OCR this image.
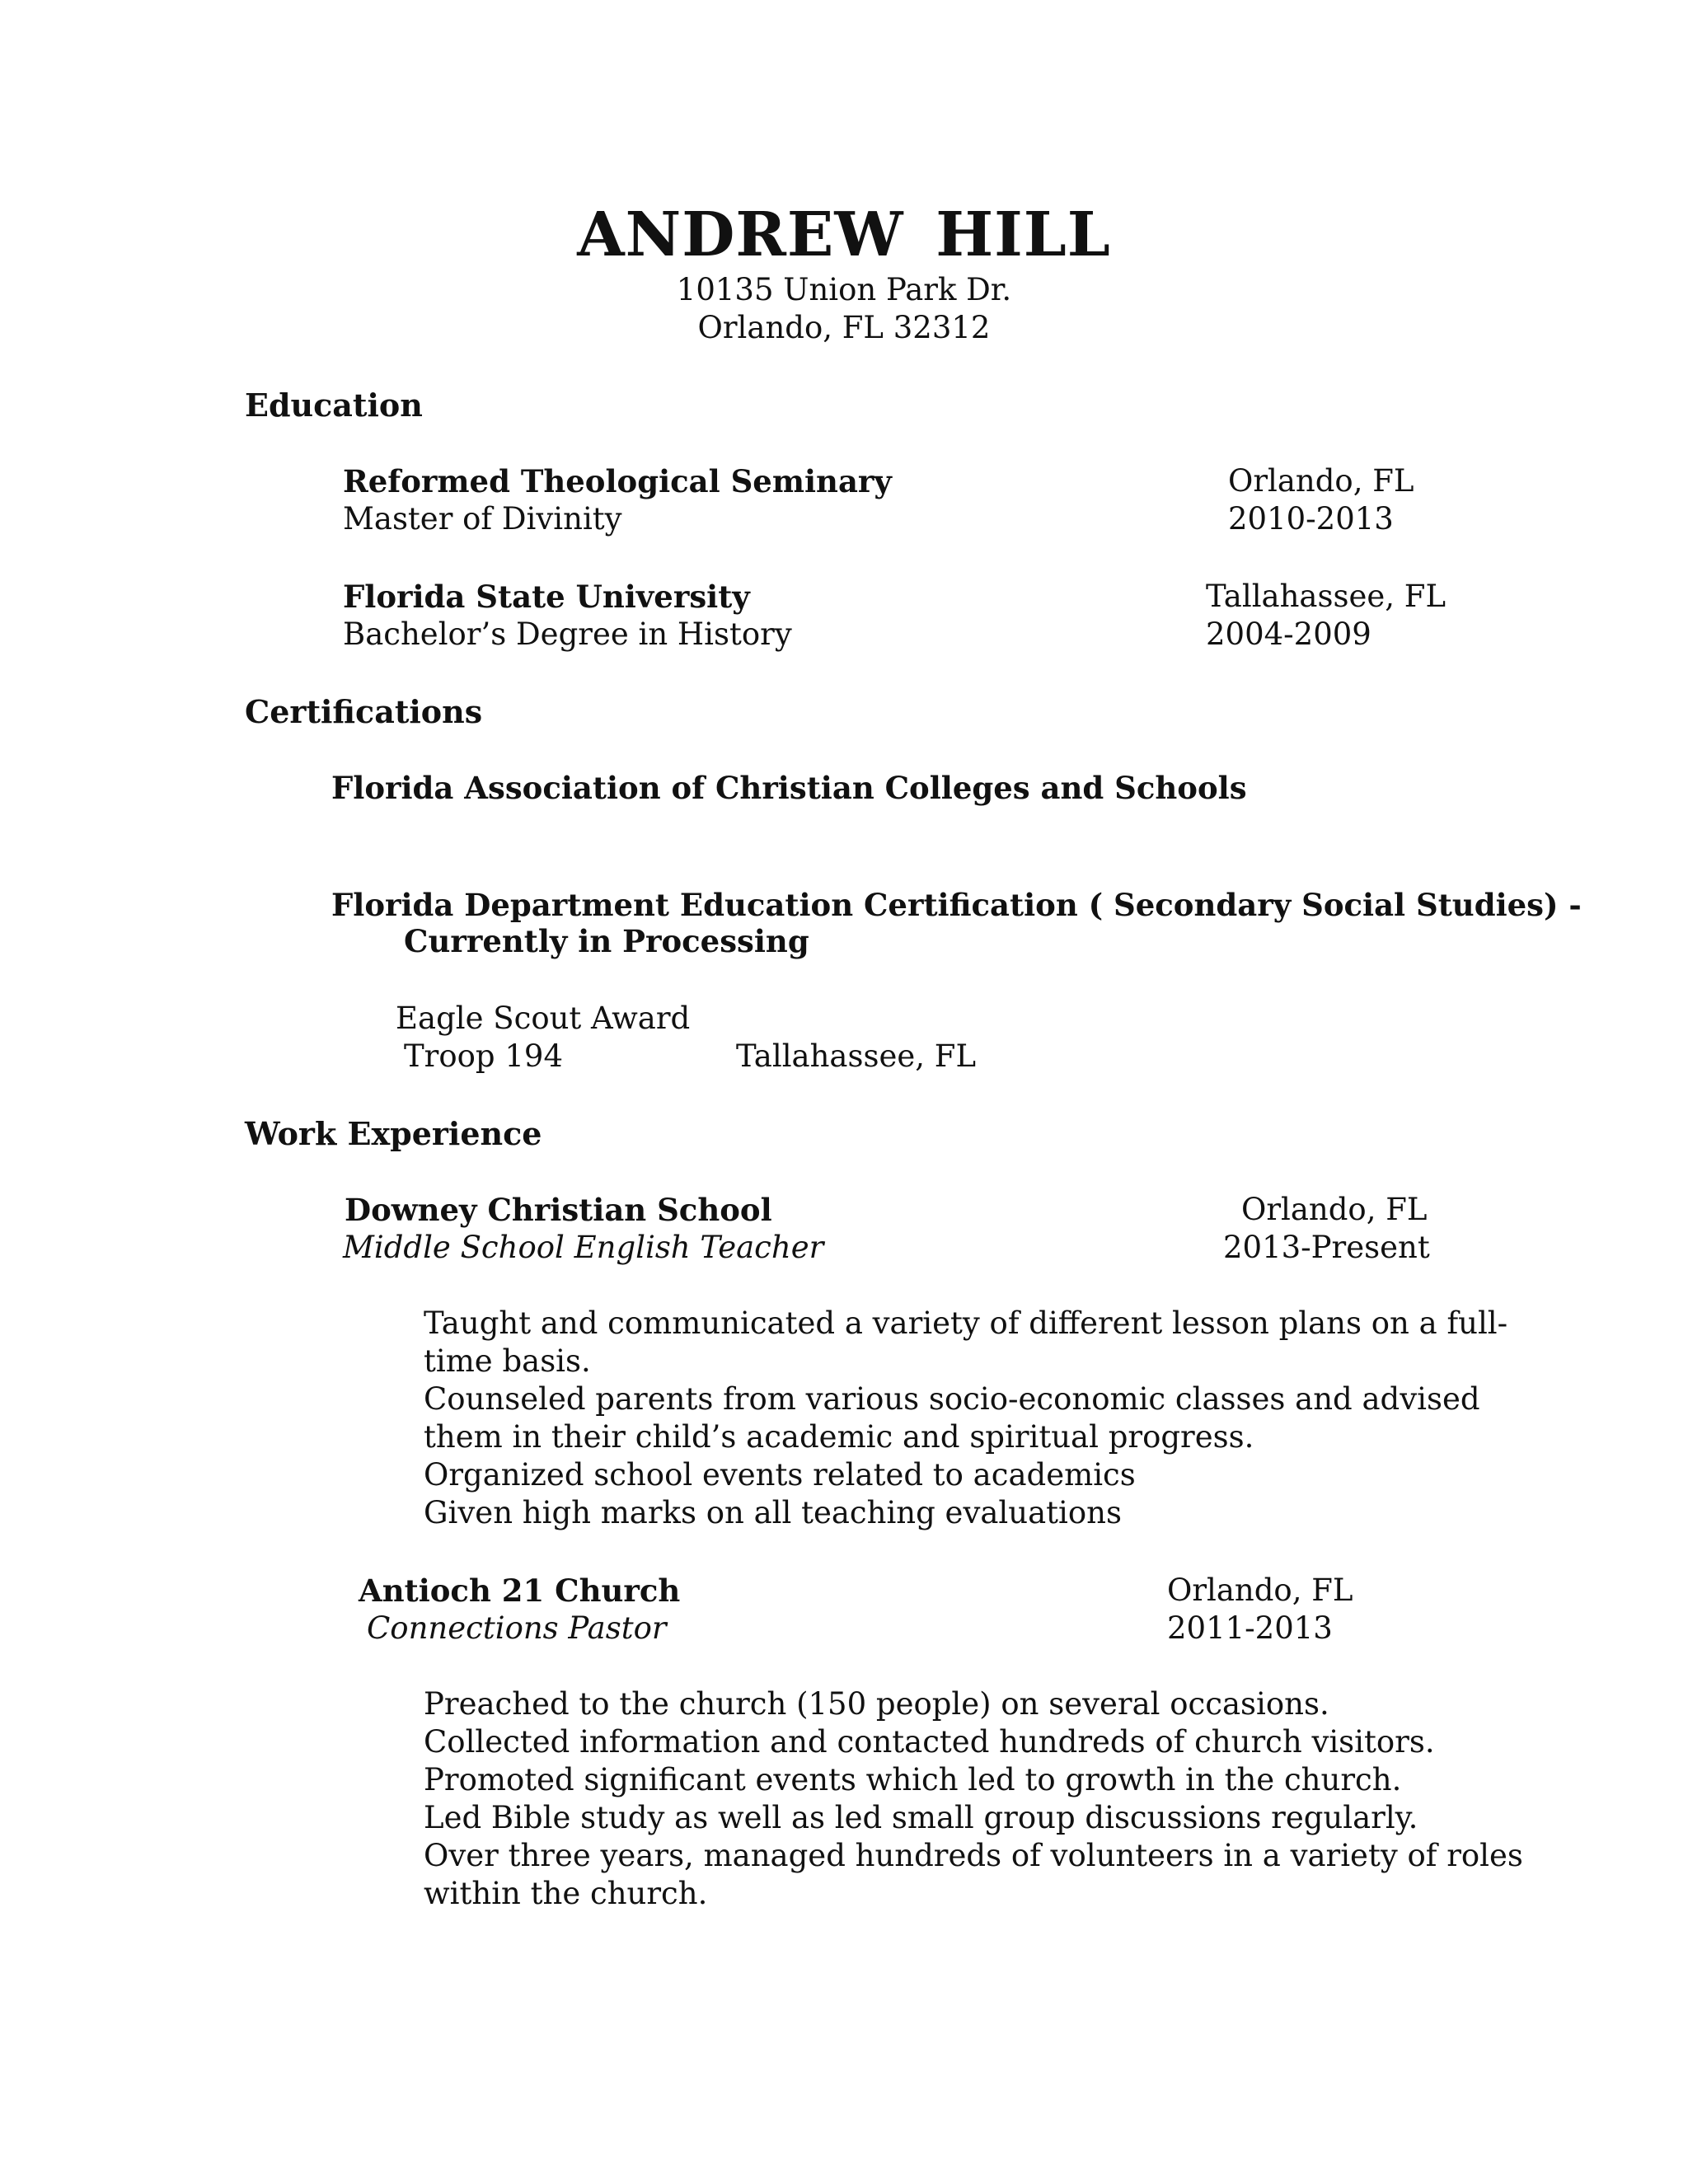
ANDREW HILL
10135 Union Park Dr.
Orlando, FL 32312
Education
Reformed Theological Seminary	Orlando, FL
Master of Divinity	2010-2013
Florida State University	Tallahassee, FL
Bachelor’s Degree in History	2004-2009
Certifications
Florida Association of Christian Colleges and Schools
Florida Department Education Certification ( Secondary Social Studies) -
Currently in Processing
Eagle Scout Award
Troop 194	Tallahassee, FL
Work Experience
Downey Christian School	Orlando, FL
Middle School English Teacher	2013-Present
Taught and communicated a variety of different lesson plans on a full-
time basis.
Counseled parents from various socio-economic classes and advised
them in their child’s academic and spiritual progress.
Organized school events related to academics
Given high marks on all teaching evaluations
Antioch 21 Church	Orlando, FL
Connections Pastor	2011-2013
Preached to the church (150 people) on several occasions.
Collected information and contacted hundreds of church visitors.
Promoted significant events which led to growth in the church.
Led Bible study as well as led small group discussions regularly.
Over three years, managed hundreds of volunteers in a variety of roles
within the church.
